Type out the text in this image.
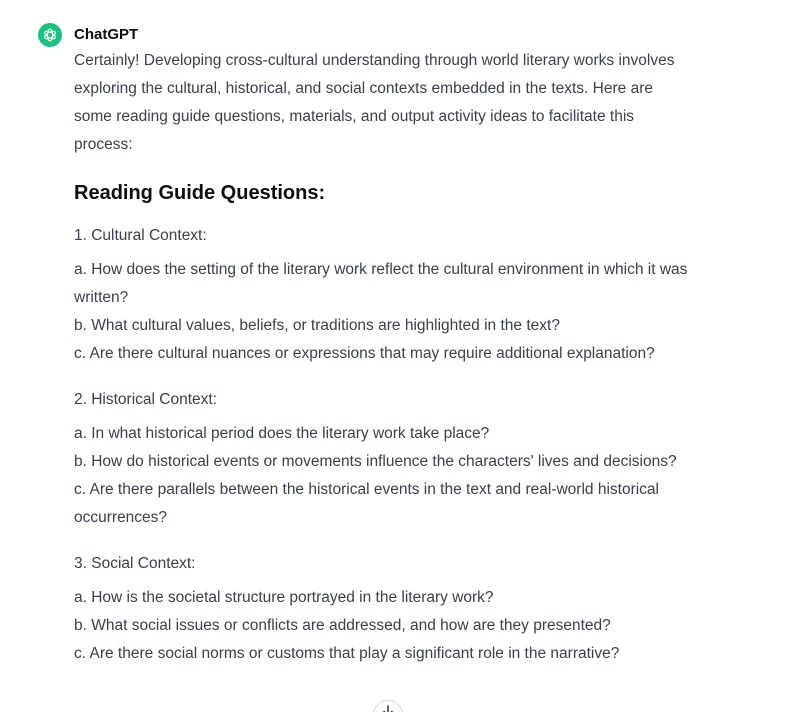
ChatGPT

Certainly! Developing cross-cultural understanding through world literary works involves exploring the cultural, historical, and social contexts embedded in the texts. Here are some reading guide questions, materials, and output activity ideas to facilitate this process:

Reading Guide Questions:

1. Cultural Context:

a. How does the setting of the literary work reflect the cultural environment in which it was written?

b. What cultural values, beliefs, or traditions are highlighted in the text?

c. Are there cultural nuances or expressions that may require additional explanation?

2. Historical Context:

a. In what historical period does the literary work take place?

b. How do historical events or movements influence the characters' lives and decisions?

c. Are there parallels between the historical events in the text and real-world historical occurrences?

3. Social Context:

a. How is the societal structure portrayed in the literary work?

b. What social issues or conflicts are addressed, and how are they presented?

c. Are there social norms or customs that play a significant role in the narrative?
